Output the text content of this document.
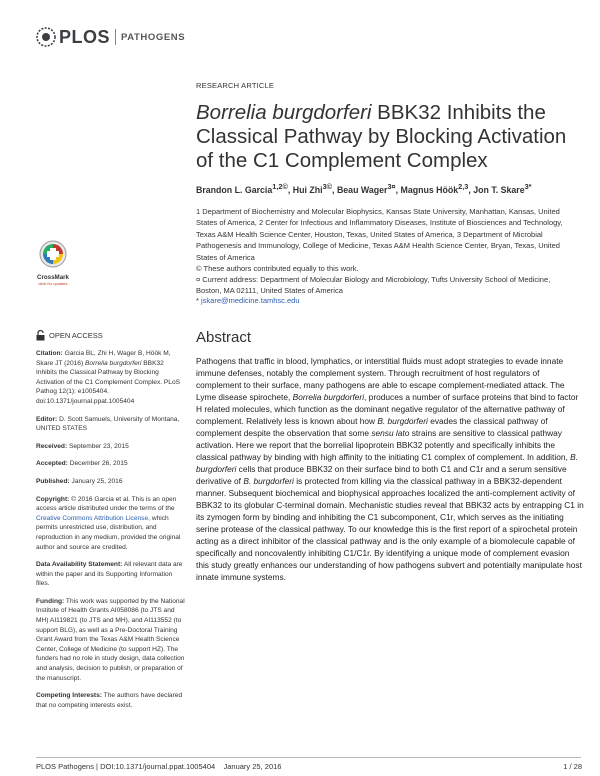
PLOS PATHOGENS
RESEARCH ARTICLE
Borrelia burgdorferi BBK32 Inhibits the Classical Pathway by Blocking Activation of the C1 Complement Complex
Brandon L. Garcia$^{1,2©}$, Hui Zhi$^{3©}$, Beau Wager$^{3¤}$, Magnus Höök$^{2,3}$, Jon T. Skare$^{3*}$
1 Department of Biochemistry and Molecular Biophysics, Kansas State University, Manhattan, Kansas, United States of America, 2 Center for Infectious and Inflammatory Diseases, Institute of Biosciences and Technology, Texas A&M Health Science Center, Houston, Texas, United States of America, 3 Department of Microbial Pathogenesis and Immunology, College of Medicine, Texas A&M Health Science Center, Bryan, Texas, United States of America
© These authors contributed equally to this work.
¤ Current address: Department of Molecular Biology and Microbiology, Tufts University School of Medicine, Boston, MA 02111, United States of America
* jskare@medicine.tamhsc.edu
CrossMark
click for updates
OPEN ACCESS
Citation: Garcia BL, Zhi H, Wager B, Höök M, Skare JT (2016) Borrelia burgdorferi BBK32 Inhibits the Classical Pathway by Blocking Activation of the C1 Complement Complex. PLoS Pathog 12(1): e1005404. doi:10.1371/journal.ppat.1005404
Editor: D. Scott Samuels, University of Montana, UNITED STATES
Received: September 23, 2015
Accepted: December 26, 2015
Published: January 25, 2016
Copyright: © 2016 Garcia et al. This is an open access article distributed under the terms of the Creative Commons Attribution License, which permits unrestricted use, distribution, and reproduction in any medium, provided the original author and source are credited.
Data Availability Statement: All relevant data are within the paper and its Supporting Information files.
Funding: This work was supported by the National Institute of Health Grants AI058086 (to JTS and MH) AI119821 (to JTS and MH), and AI113552 (to support BLG), as well as a Pre-Doctoral Training Grant Award from the Texas A&M Health Science Center, College of Medicine (to support HZ). The funders had no role in study design, data collection and analysis, decision to publish, or preparation of the manuscript.
Competing Interests: The authors have declared that no competing interests exist.
Abstract
Pathogens that traffic in blood, lymphatics, or interstitial fluids must adopt strategies to evade innate immune defenses, notably the complement system. Through recruitment of host regulators of complement to their surface, many pathogens are able to escape complement-mediated attack. The Lyme disease spirochete, Borrelia burgdorferi, produces a number of surface proteins that bind to factor H related molecules, which function as the dominant negative regulator of the alternative pathway of complement. Relatively less is known about how B. burgdorferi evades the classical pathway of complement despite the observation that some sensu lato strains are sensitive to classical pathway activation. Here we report that the borrelial lipoprotein BBK32 potently and specifically inhibits the classical pathway by binding with high affinity to the initiating C1 complex of complement. In addition, B. burgdorferi cells that produce BBK32 on their surface bind to both C1 and C1r and a serum sensitive derivative of B. burgdorferi is protected from killing via the classical pathway in a BBK32-dependent manner. Subsequent biochemical and biophysical approaches localized the anti-complement activity of BBK32 to its globular C-terminal domain. Mechanistic studies reveal that BBK32 acts by entrapping C1 in its zymogen form by binding and inhibiting the C1 subcomponent, C1r, which serves as the initiating serine protease of the classical pathway. To our knowledge this is the first report of a spirochetal protein acting as a direct inhibitor of the classical pathway and is the only example of a biomolecule capable of specifically and noncovalently inhibiting C1/C1r. By identifying a unique mode of complement evasion this study greatly enhances our understanding of how pathogens subvert and potentially manipulate host innate immune systems.
PLOS Pathogens | DOI:10.1371/journal.ppat.1005404    January 25, 2016	1 / 28
